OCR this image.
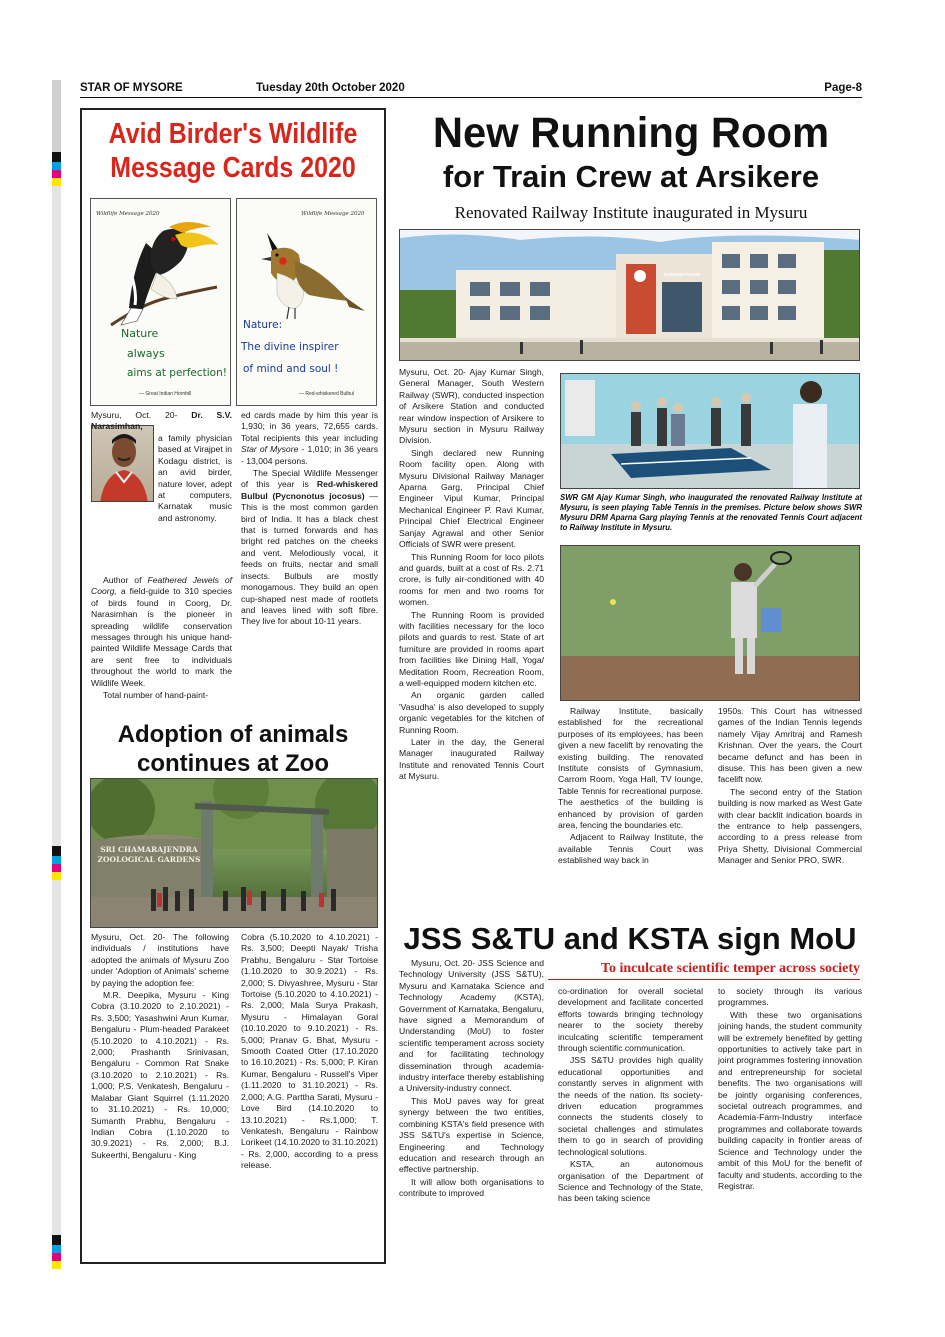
STAR OF MYSORE	Tuesday 20th October 2020	Page-8
Avid Birder's Wildlife
Message Cards 2020
Wildlife Message 2020
Nature
always
aims at perfection!
— Great Indian Hornbill
Wildlife Message 2020
Nature:
The divine inspirer
of mind and soul !
— Red-whiskered Bulbul
Mysuru, Oct. 20- Dr. S.V. Narasimhan,
a family physician based at Virajpet in Kodagu district, is an avid birder, nature lover, adept at computers, Karnatak music and astronomy.

Author of Feathered Jewels of Coorg, a field-guide to 310 species of birds found in Coorg, Dr. Narasimhan is the pioneer in spreading wildlife conservation messages through his unique hand-painted Wildlife Message Cards that are sent free to individuals throughout the world to mark the Wildlife Week.

Total number of hand-paint-

ed cards made by him this year is 1,930; in 36 years, 72,655 cards. Total recipients this year including Star of Mysore - 1,010; in 36 years - 13,004 persons.

The Special Wildlife Messenger of this year is Red-whiskered Bulbul (Pycnonotus jocosus) — This is the most common garden bird of India. It has a black chest that is turned forwards and has bright red patches on the cheeks and vent. Melodiously vocal, it feeds on fruits, nectar and small insects. Bulbuls are mostly monogamous. They build an open cup-shaped nest made of rootlets and leaves lined with soft fibre. They live for about 10-11 years.

Adoption of animals
continues at Zoo
SRI CHAMARAJENDRA ZOOLOGICAL GARDENS

Mysuru, Oct. 20- The following individuals / institutions have adopted the animals of Mysuru Zoo under 'Adoption of Animals' scheme by paying the adoption fee:

M.R. Deepika, Mysuru - King Cobra (3.10.2020 to 2.10.2021) - Rs. 3,500; Yasashwini Arun Kumar, Bengaluru - Plum-headed Parakeet (5.10.2020 to 4.10.2021) - Rs. 2,000; Prashanth Srinivasan, Bengaluru - Common Rat Snake (3.10.2020 to 2.10.2021) - Rs. 1,000; P.S. Venkatesh, Bengaluru - Malabar Giant Squirrel (1.11.2020 to 31.10.2021) - Rs. 10,000; Sumanth Prabhu, Bengaluru - Indian Cobra (1.10.2020 to 30.9.2021) - Rs. 2,000; B.J. Sukeerthi, Bengaluru - King

Cobra (5.10.2020 to 4.10.2021) - Rs. 3,500; Deepti Nayak/ Trisha Prabhu, Bengaluru - Star Tortoise (1.10.2020 to 30.9.2021) - Rs. 2,000; S. Divyashree, Mysuru - Star Tortoise (5.10.2020 to 4.10.2021) - Rs. 2,000; Mala Surya Prakash, Mysuru - Himalayan Goral (10.10.2020 to 9.10.2021) - Rs. 5,000; Pranav G. Bhat, Mysuru - Smooth Coated Otter (17.10.2020 to 16.10.2021) - Rs. 5,000; P. Kiran Kumar, Bengaluru - Russell's Viper (1.11.2020 to 31.10.2021) - Rs. 2,000; A.G. Parttha Sarati, Mysuru - Love Bird (14.10.2020 to 13.10.2021) - Rs.1,000; T. Venkatesh, Bengaluru - Rainbow Lorikeet (14.10.2020 to 31.10.2021) - Rs. 2,000, according to a press release.

New Running Room
for Train Crew at Arsikere
Renovated Railway Institute inaugurated in Mysuru
RUNNING ROOM

Mysuru, Oct. 20- Ajay Kumar Singh, General Manager, South Western Railway (SWR), conducted inspection of Arsikere Station and conducted rear window inspection of Arsikere to Mysuru section in Mysuru Railway Division.

Singh declared new Running Room facility open. Along with Mysuru Divisional Railway Manager Aparna Garg, Principal Chief Engineer Vipul Kumar, Principal Mechanical Engineer P. Ravi Kumar, Principal Chief Electrical Engineer Sanjay Agrawal and other Senior Officials of SWR were present.

This Running Room for loco pilots and guards, built at a cost of Rs. 2.71 crore, is fully air-conditioned with 40 rooms for men and two rooms for women.

The Running Room is provided with facilities necessary for the loco pilots and guards to rest. State of art furniture are provided in rooms apart from facilities like Dining Hall, Yoga/ Meditation Room, Recreation Room, a well-equipped modern kitchen etc.

An organic garden called 'Vasudha' is also developed to supply organic vegetables for the kitchen of Running Room.

Later in the day, the General Manager inaugurated Railway Institute and renovated Tennis Court at Mysuru.

SWR GM Ajay Kumar Singh, who inaugurated the renovated Railway Institute at Mysuru, is seen playing Table Tennis in the premises. Picture below shows SWR Mysuru DRM Aparna Garg playing Tennis at the renovated Tennis Court adjacent to Railway Institute in Mysuru.

Railway Institute, basically established for the recreational purposes of its employees, has been given a new facelift by renovating the existing building. The renovated Institute consists of Gymnasium, Carrom Room, Yoga Hall, TV lounge, Table Tennis for recreational purpose. The aesthetics of the building is enhanced by provision of garden area, fencing the boundaries etc.

Adjacent to Railway Institute, the available Tennis Court was established way back in

1950s. This Court has witnessed games of the Indian Tennis legends namely Vijay Amritraj and Ramesh Krishnan. Over the years, the Court became defunct and has been in disuse. This has been given a new facelift now.

The second entry of the Station building is now marked as West Gate with clear backlit indication boards in the entrance to help passengers, according to a press release from Priya Shetty, Divisional Commercial Manager and Senior PRO, SWR.

JSS S&TU and KSTA sign MoU
To inculcate scientific temper across society

Mysuru, Oct. 20- JSS Science and Technology University (JSS S&TU), Mysuru and Karnataka Science and Technology Academy (KSTA), Government of Karnataka, Bengaluru, have signed a Memorandum of Understanding (MoU) to foster scientific temperament across society and for facilitating technology dissemination through academia-industry interface thereby establishing a University-industry connect.

This MoU paves way for great synergy between the two entities, combining KSTA's field presence with JSS S&TU's expertise in Science, Engineering and Technology education and research through an effective partnership.

It will allow both organisations to contribute to improved

co-ordination for overall societal development and facilitate concerted efforts towards bringing technology nearer to the society thereby inculcating scientific temperament through scientific communication.

JSS S&TU provides high quality educational opportunities and constantly serves in alignment with the needs of the nation. Its society-driven education programmes connects the students closely to societal challenges and stimulates them to go in search of providing technological solutions.

KSTA, an autonomous organisation of the Department of Science and Technology of the State, has been taking science

to society through its various programmes.

With these two organisations joining hands, the student community will be extremely benefited by getting opportunities to actively take part in joint programmes fostering innovation and entrepreneurship for societal benefits. The two organisations will be jointly organising conferences, societal outreach programmes, and Academia-Farm-Industry interface programmes and collaborate towards building capacity in frontier areas of Science and Technology under the ambit of this MoU for the benefit of faculty and students, according to the Registrar.
